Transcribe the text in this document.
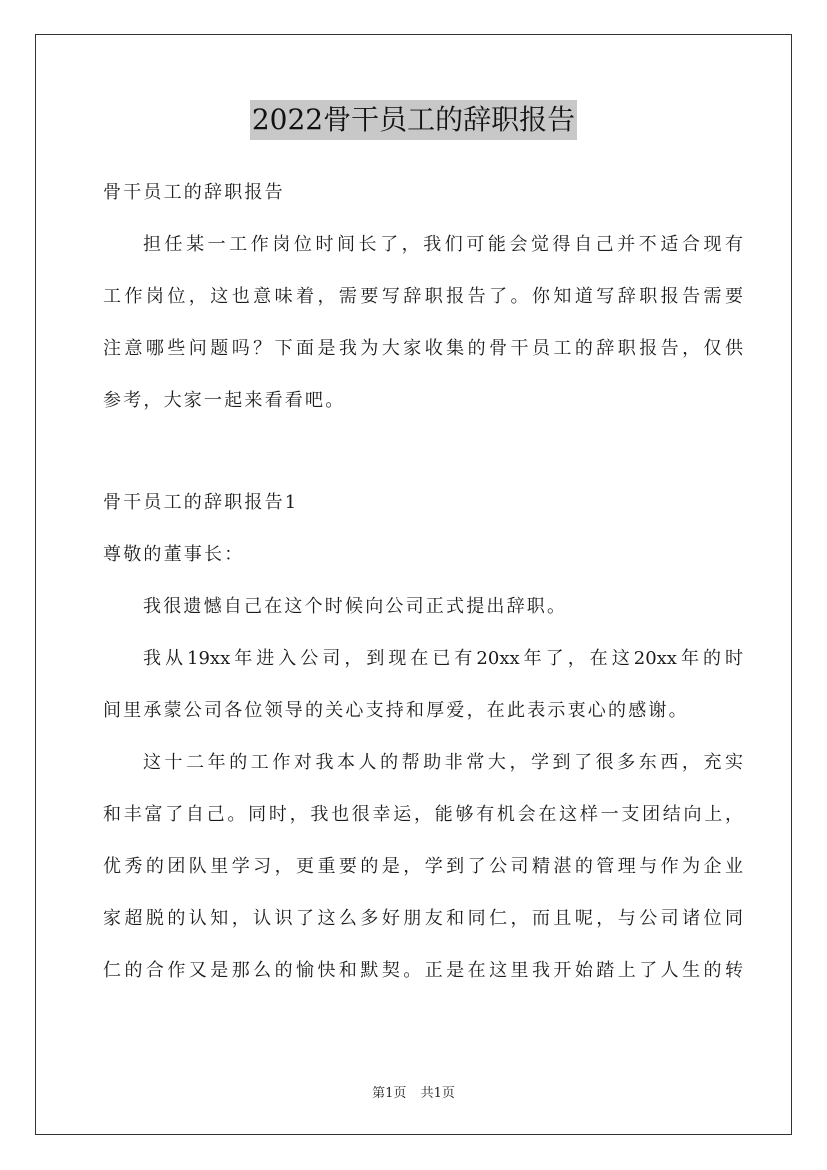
2022骨干员工的辞职报告
骨干员工的辞职报告
担任某一工作岗位时间长了，我们可能会觉得自己并不适合现有
工作岗位，这也意味着，需要写辞职报告了。你知道写辞职报告需要
注意哪些问题吗？下面是我为大家收集的骨干员工的辞职报告，仅供
参考，大家一起来看看吧。
骨干员工的辞职报告1
尊敬的董事长：
我很遗憾自己在这个时候向公司正式提出辞职。
我从19xx年进入公司，到现在已有20xx年了，在这20xx年的时
间里承蒙公司各位领导的关心支持和厚爱，在此表示衷心的感谢。
这十二年的工作对我本人的帮助非常大，学到了很多东西，充实
和丰富了自己。同时，我也很幸运，能够有机会在这样一支团结向上，
优秀的团队里学习，更重要的是，学到了公司精湛的管理与作为企业
家超脱的认知，认识了这么多好朋友和同仁，而且呢，与公司诸位同
仁的合作又是那么的愉快和默契。正是在这里我开始踏上了人生的转
第1页 共1页
